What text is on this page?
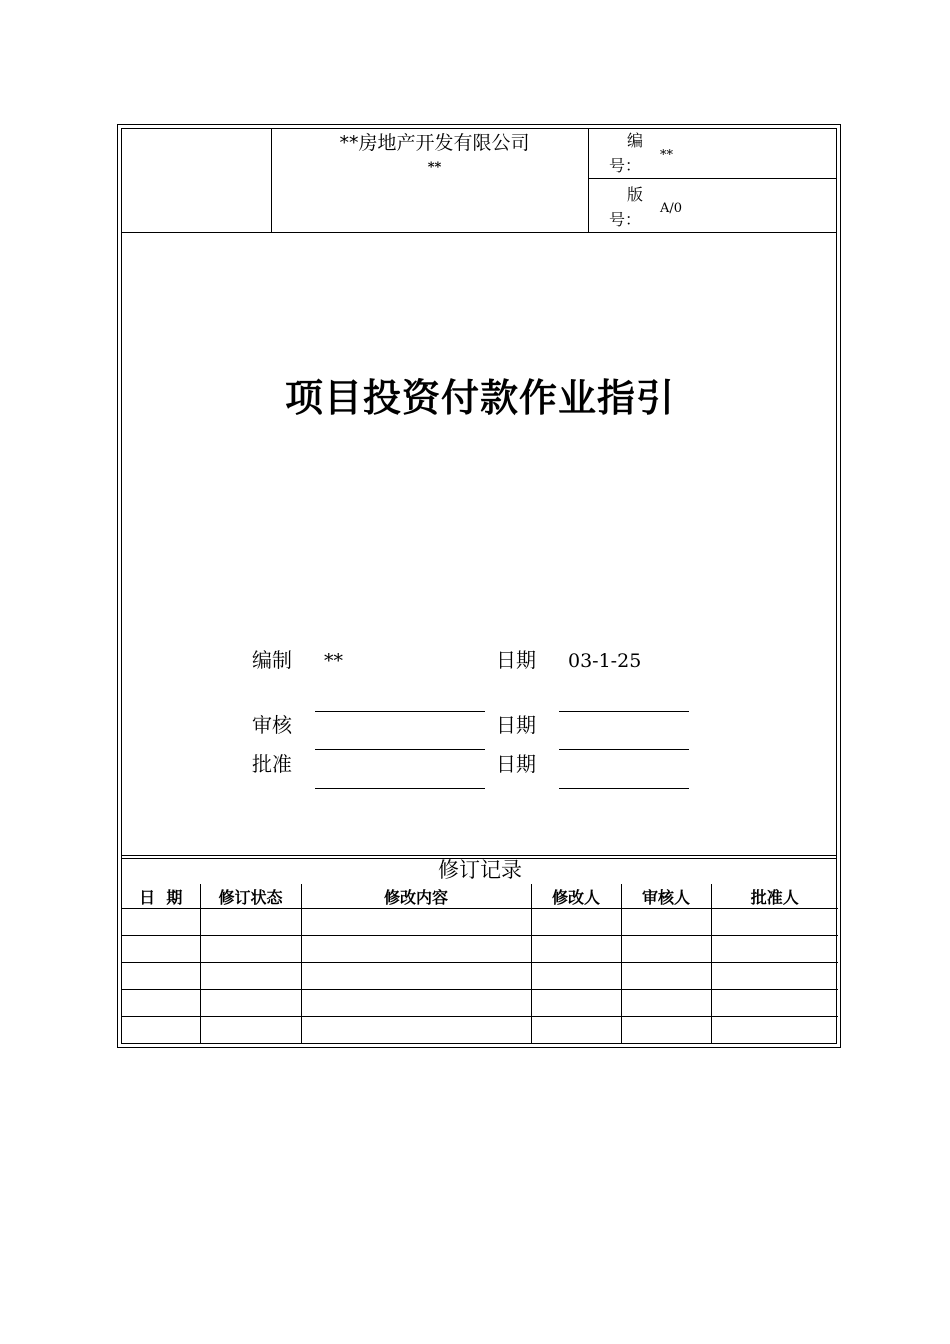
**房地产开发有限公司
**
编
号：
**
版
号：
A/0
项目投资付款作业指引
编制 **	日期 03-1-25
审核	日期
批准	日期
修订记录
日  期	修订状态	修改内容	修改人	审核人	批准人
